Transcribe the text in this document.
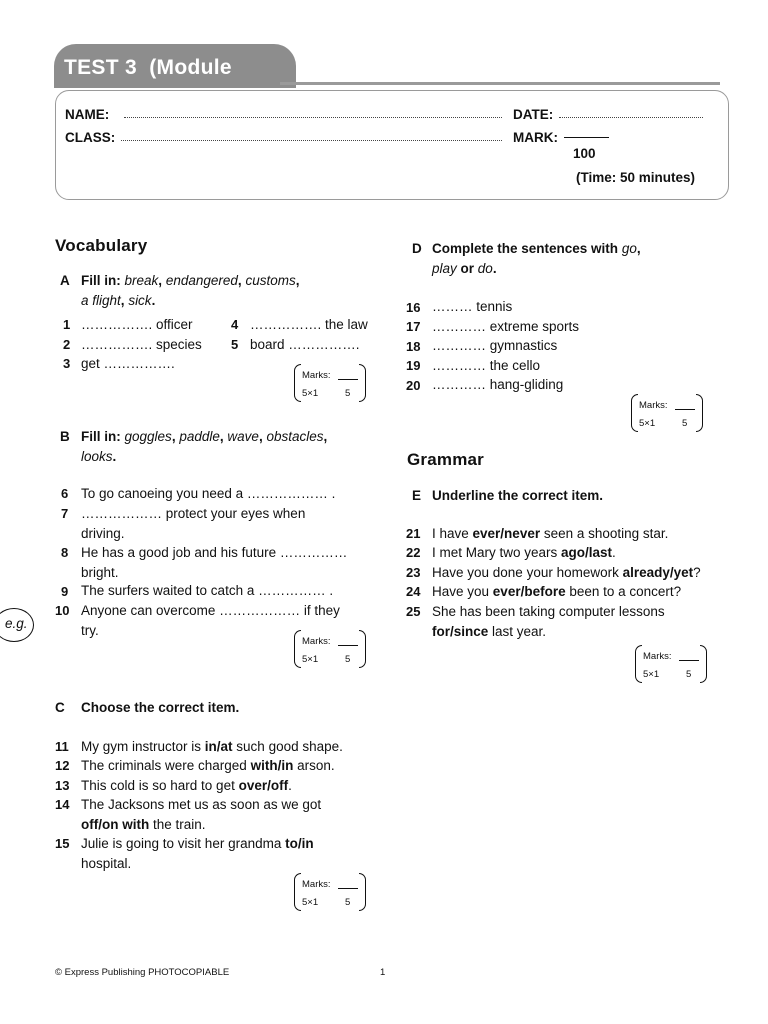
TEST 3  (Module
NAME:
CLASS:
DATE:
MARK:
100
(Time: 50 minutes)
Vocabulary
A Fill in: break, endangered, customs,
a flight, sick.
1 ……………. officer
2 ……………. species
3 get …………….
4 ……………. the law
5 board …………….
Marks:
5×1	5
B Fill in: goggles, paddle, wave, obstacles,
looks.
6 To go canoeing you need a ……………… .
7 ……………… protect your eyes when
driving.
8 He has a good job and his future ……………
bright.
9 The surfers waited to catch a …………… .
10 Anyone can overcome ……………… if they
try.
Marks:
5×1	5
C Choose the correct item.
11 My gym instructor is in/at such good shape.
12 The criminals were charged with/in arson.
13 This cold is so hard to get over/off.
14 The Jacksons met us as soon as we got
off/on with the train.
15 Julie is going to visit her grandma to/in
hospital.
Marks:
5×1	5
D Complete the sentences with go,
play or do.
16 ……… tennis
17 ………… extreme sports
18 ………… gymnastics
19 ………… the cello
20 ………… hang-gliding
Marks:
5×1	5
Grammar
E Underline the correct item.
21 I have ever/never seen a shooting star.
22 I met Mary two years ago/last.
23 Have you done your homework already/yet?
24 Have you ever/before been to a concert?
25 She has been taking computer lessons
for/since last year.
Marks:
5×1	5
e.g.
© Express Publishing PHOTOCOPIABLE	1
